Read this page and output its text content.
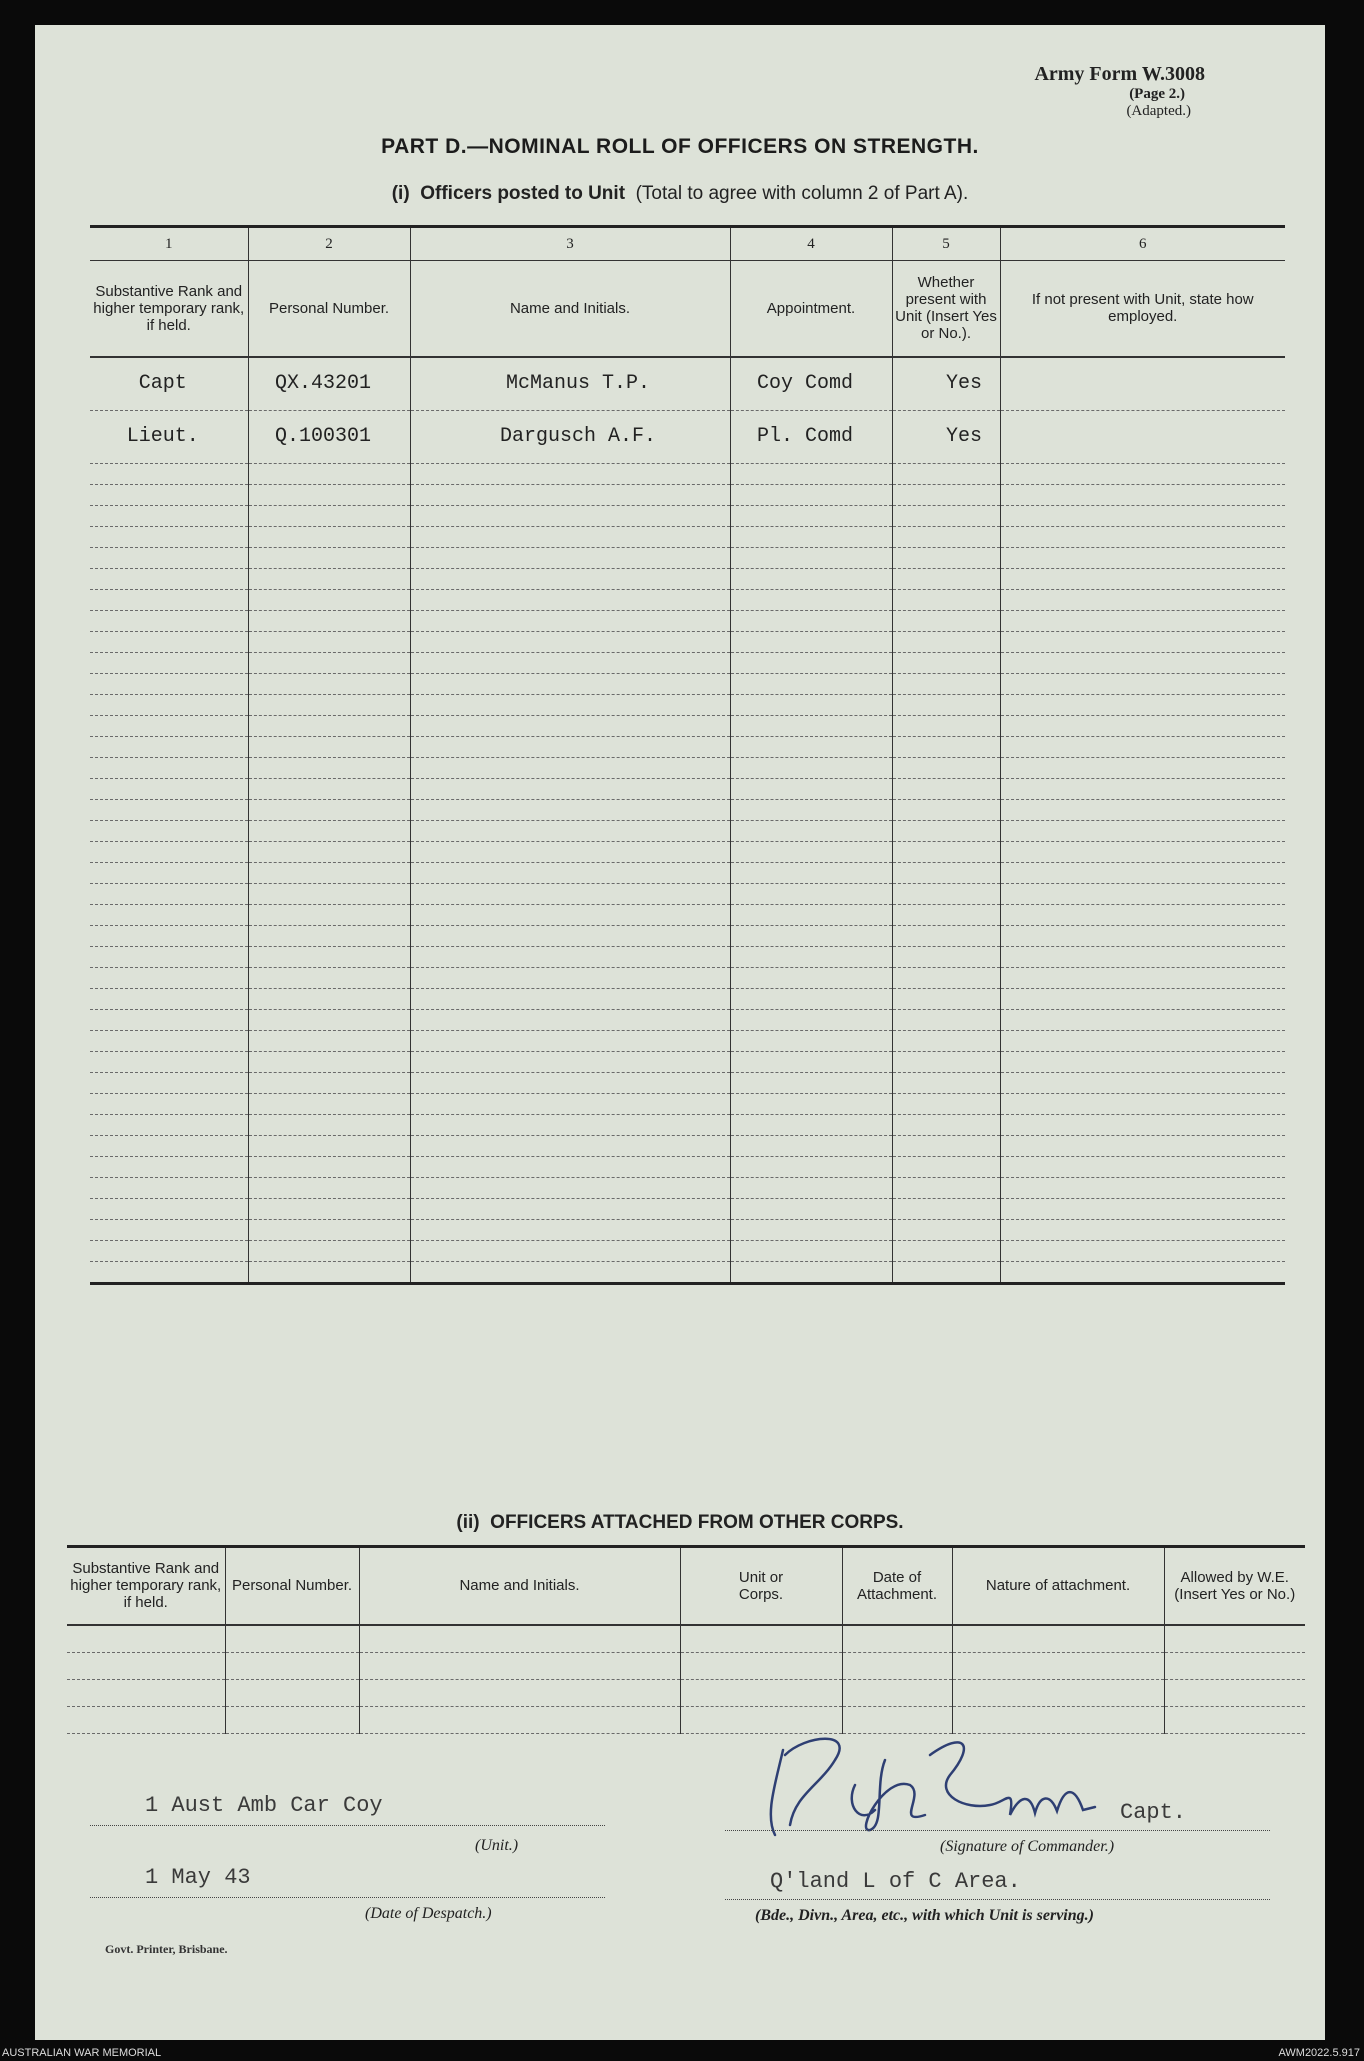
Army Form W.3008
(Page 2.)
(Adapted.)
PART D.—NOMINAL ROLL OF OFFICERS ON STRENGTH.
(i) Officers posted to Unit (Total to agree with column 2 of Part A).
1	2	3	4	5	6
Substantive Rank and higher temporary rank, if held.	Personal Number.	Name and Initials.	Appointment.	Whether present with Unit (Insert Yes or No.).	If not present with Unit, state how employed.
Capt	QX.43201	McManus T.P.	Coy Comd	Yes	
Lieut.	Q.100301	Dargusch A.F.	Pl. Comd	Yes	

(ii) OFFICERS ATTACHED FROM OTHER CORPS.
Substantive Rank and higher temporary rank, if held.	Personal Number.	Name and Initials.	Unit or Corps.	Date of Attachment.	Nature of attachment.	Allowed by W.E. (Insert Yes or No.)

1 Aust Amb Car Coy
(Unit.)
1 May 43
(Date of Despatch.)
Capt.
(Signature of Commander.)
Q'land L of C Area.
(Bde., Divn., Area, etc., with which Unit is serving.)
Govt. Printer, Brisbane.
AUSTRALIAN WAR MEMORIAL	AWM2022.5.917
